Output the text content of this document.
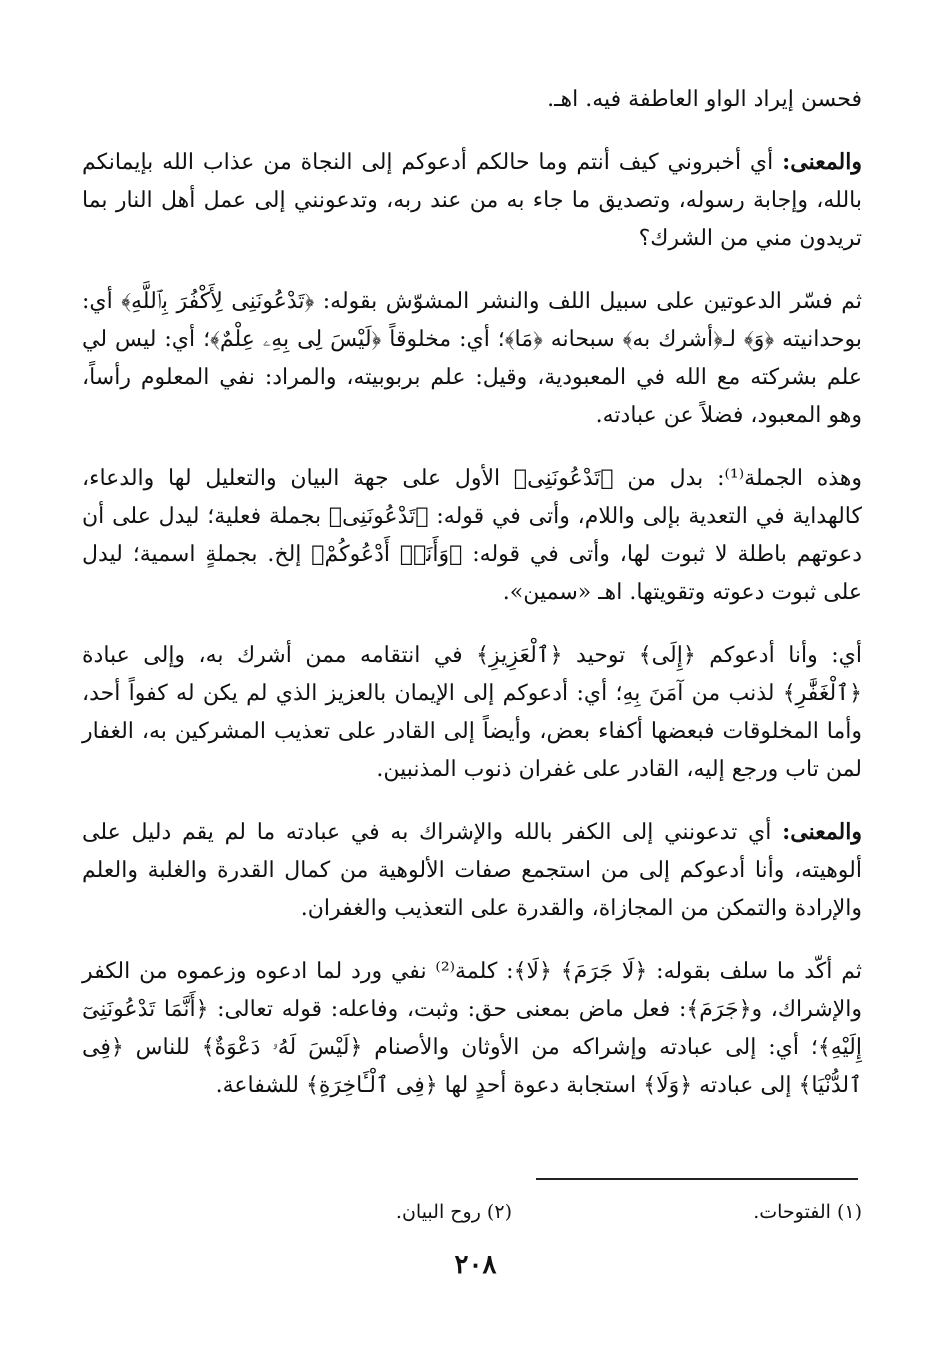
فحسن إيراد الواو العاطفة فيه. اهـ.

والمعنى: أي أخبروني كيف أنتم وما حالكم أدعوكم إلى النجاة من عذاب الله بإيمانكم بالله، وإجابة رسوله، وتصديق ما جاء به من عند ربه، وتدعونني إلى عمل أهل النار بما تريدون مني من الشرك؟

ثم فسّر الدعوتين على سبيل اللف والنشر المشوّش بقوله: ﴿تَدْعُونَنِى لِأَكْفُرَ بِٱللَّهِ﴾ أي: بوحدانيته ﴿وَ﴾ لـ﴿أشرك به﴾ سبحانه ﴿مَا﴾؛ أي: مخلوقاً ﴿لَيْسَ لِى بِهِۦ عِلْمٌ﴾؛ أي: ليس لي علم بشركته مع الله في المعبودية، وقيل: علم بربوبيته، والمراد: نفي المعلوم رأساً، وهو المعبود، فضلاً عن عبادته.

وهذه الجملة⁽¹⁾: بدل من ﴿تَدْعُونَنِى﴾ الأول على جهة البيان والتعليل لها والدعاء، كالهداية في التعدية بإلى واللام، وأتى في قوله: ﴿تَدْعُونَنِى﴾ بجملة فعلية؛ ليدل على أن دعوتهم باطلة لا ثبوت لها، وأتى في قوله: ﴿وَأَنَا۠ أَدْعُوكُمْ﴾ إلخ. بجملةٍ اسمية؛ ليدل على ثبوت دعوته وتقويتها. اهـ «سمين».

أي: وأنا أدعوكم ﴿إِلَى﴾ توحيد ﴿ٱلْعَزِيزِ﴾ في انتقامه ممن أشرك به، وإلى عبادة ﴿ٱلْغَفَّٰرِ﴾ لذنب من آمَنَ بِهِ؛ أي: أدعوكم إلى الإيمان بالعزيز الذي لم يكن له كفواً أحد، وأما المخلوقات فبعضها أكفاء بعض، وأيضاً إلى القادر على تعذيب المشركين به، الغفار لمن تاب ورجع إليه، القادر على غفران ذنوب المذنبين.

والمعنى: أي تدعونني إلى الكفر بالله والإشراك به في عبادته ما لم يقم دليل على ألوهيته، وأنا أدعوكم إلى من استجمع صفات الألوهية من كمال القدرة والغلبة والعلم والإرادة والتمكن من المجازاة، والقدرة على التعذيب والغفران.

ثم أكّد ما سلف بقوله: ﴿لَا جَرَمَ﴾ ﴿لَا﴾: كلمة⁽²⁾ نفي ورد لما ادعوه وزعموه من الكفر والإشراك، و﴿جَرَمَ﴾: فعل ماض بمعنى حق: وثبت، وفاعله: قوله تعالى: ﴿أَنَّمَا تَدْعُونَنِىٓ إِلَيْهِ﴾؛ أي: إلى عبادته وإشراكه من الأوثان والأصنام ﴿لَيْسَ لَهُۥ دَعْوَةٌ﴾ للناس ﴿فِى ٱلدُّنْيَا﴾ إلى عبادته ﴿وَلَا﴾ استجابة دعوة أحدٍ لها ﴿فِى ٱلْـَٔاخِرَةِ﴾ للشفاعة.

(١) الفتوحات.
(٢) روح البيان.
٢٠٨
